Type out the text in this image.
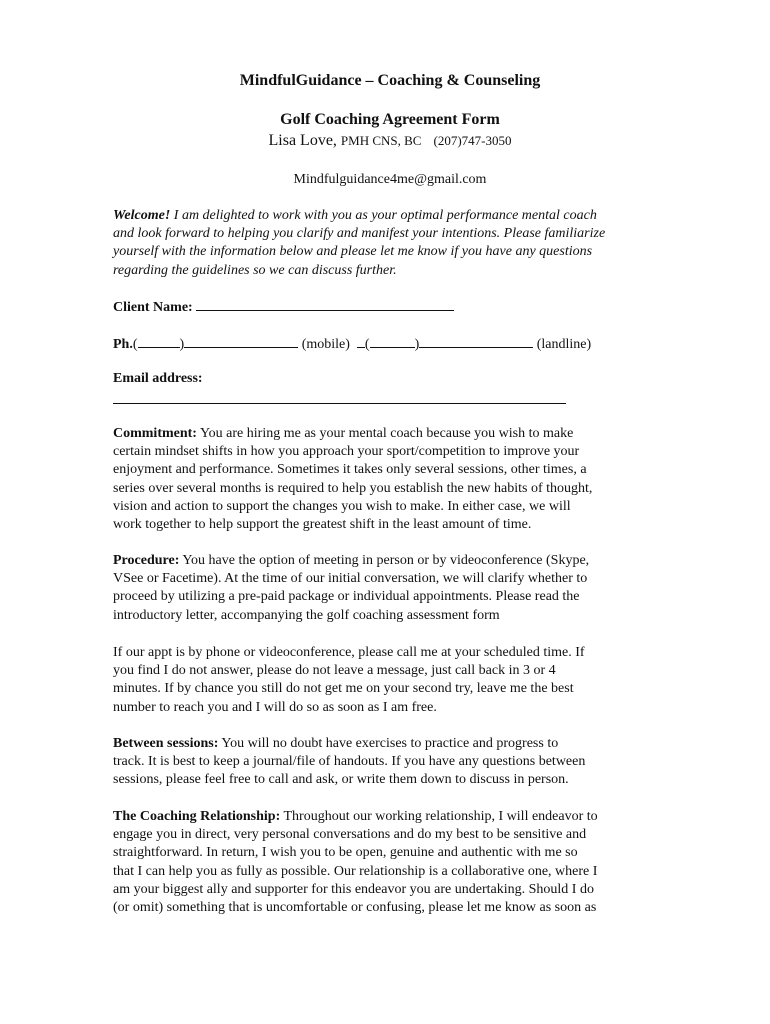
MindfulGuidance – Coaching & Counseling
Golf Coaching Agreement Form
Lisa Love, PMH CNS, BC (207)747-3050
Mindfulguidance4me@gmail.com
Welcome! I am delighted to work with you as your optimal performance mental coach
and look forward to helping you clarify and manifest your intentions. Please familiarize
yourself with the information below and please let me know if you have any questions
regarding the guidelines so we can discuss further.
Client Name:
Ph.(	)	(mobile) (	)	(landline)
Email address:
Commitment: You are hiring me as your mental coach because you wish to make
certain mindset shifts in how you approach your sport/competition to improve your
enjoyment and performance. Sometimes it takes only several sessions, other times, a
series over several months is required to help you establish the new habits of thought,
vision and action to support the changes you wish to make. In either case, we will
work together to help support the greatest shift in the least amount of time.
Procedure: You have the option of meeting in person or by videoconference (Skype,
VSee or Facetime). At the time of our initial conversation, we will clarify whether to
proceed by utilizing a pre-paid package or individual appointments. Please read the
introductory letter, accompanying the golf coaching assessment form
If our appt is by phone or videoconference, please call me at your scheduled time. If
you find I do not answer, please do not leave a message, just call back in 3 or 4
minutes. If by chance you still do not get me on your second try, leave me the best
number to reach you and I will do so as soon as I am free.
Between sessions: You will no doubt have exercises to practice and progress to
track. It is best to keep a journal/file of handouts. If you have any questions between
sessions, please feel free to call and ask, or write them down to discuss in person.
The Coaching Relationship: Throughout our working relationship, I will endeavor to
engage you in direct, very personal conversations and do my best to be sensitive and
straightforward. In return, I wish you to be open, genuine and authentic with me so
that I can help you as fully as possible. Our relationship is a collaborative one, where I
am your biggest ally and supporter for this endeavor you are undertaking. Should I do
(or omit) something that is uncomfortable or confusing, please let me know as soon as
